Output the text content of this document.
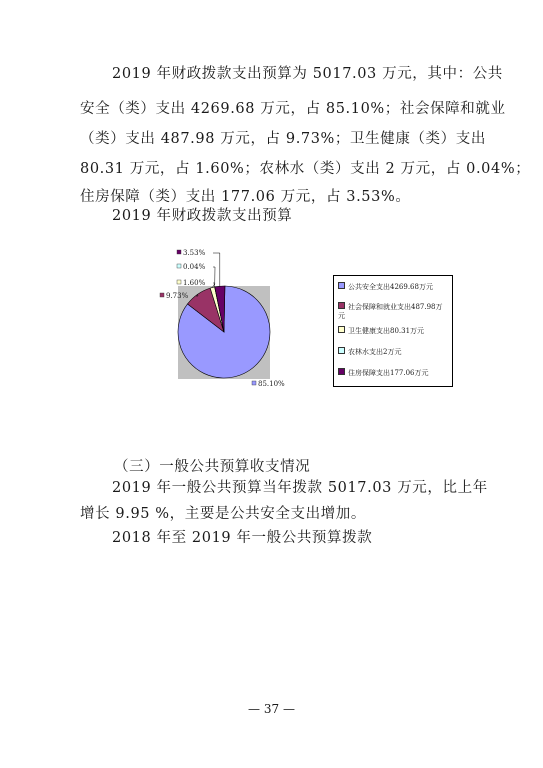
2019 年财政拨款支出预算为 5017.03 万元，其中：公共
安全（类）支出 4269.68 万元，占 85.10%；社会保障和就业
（类）支出 487.98 万元，占 9.73%；卫生健康（类）支出
80.31 万元，占 1.60%；农林水（类）支出 2 万元，占 0.04%；
住房保障（类）支出 177.06 万元，占 3.53%。
2019 年财政拨款支出预算
85.10%
9.73%
1.60%
0.04%
3.53%
公共安全支出4269.68万元
社会保障和就业支出487.98万元
卫生健康支出80.31万元
农林水支出2万元
住房保障支出177.06万元
（三）一般公共预算收支情况
2019 年一般公共预算当年拨款 5017.03 万元，比上年
增长 9.95 %，主要是公共安全支出增加。
2018 年至 2019 年一般公共预算拨款
— 37 —
